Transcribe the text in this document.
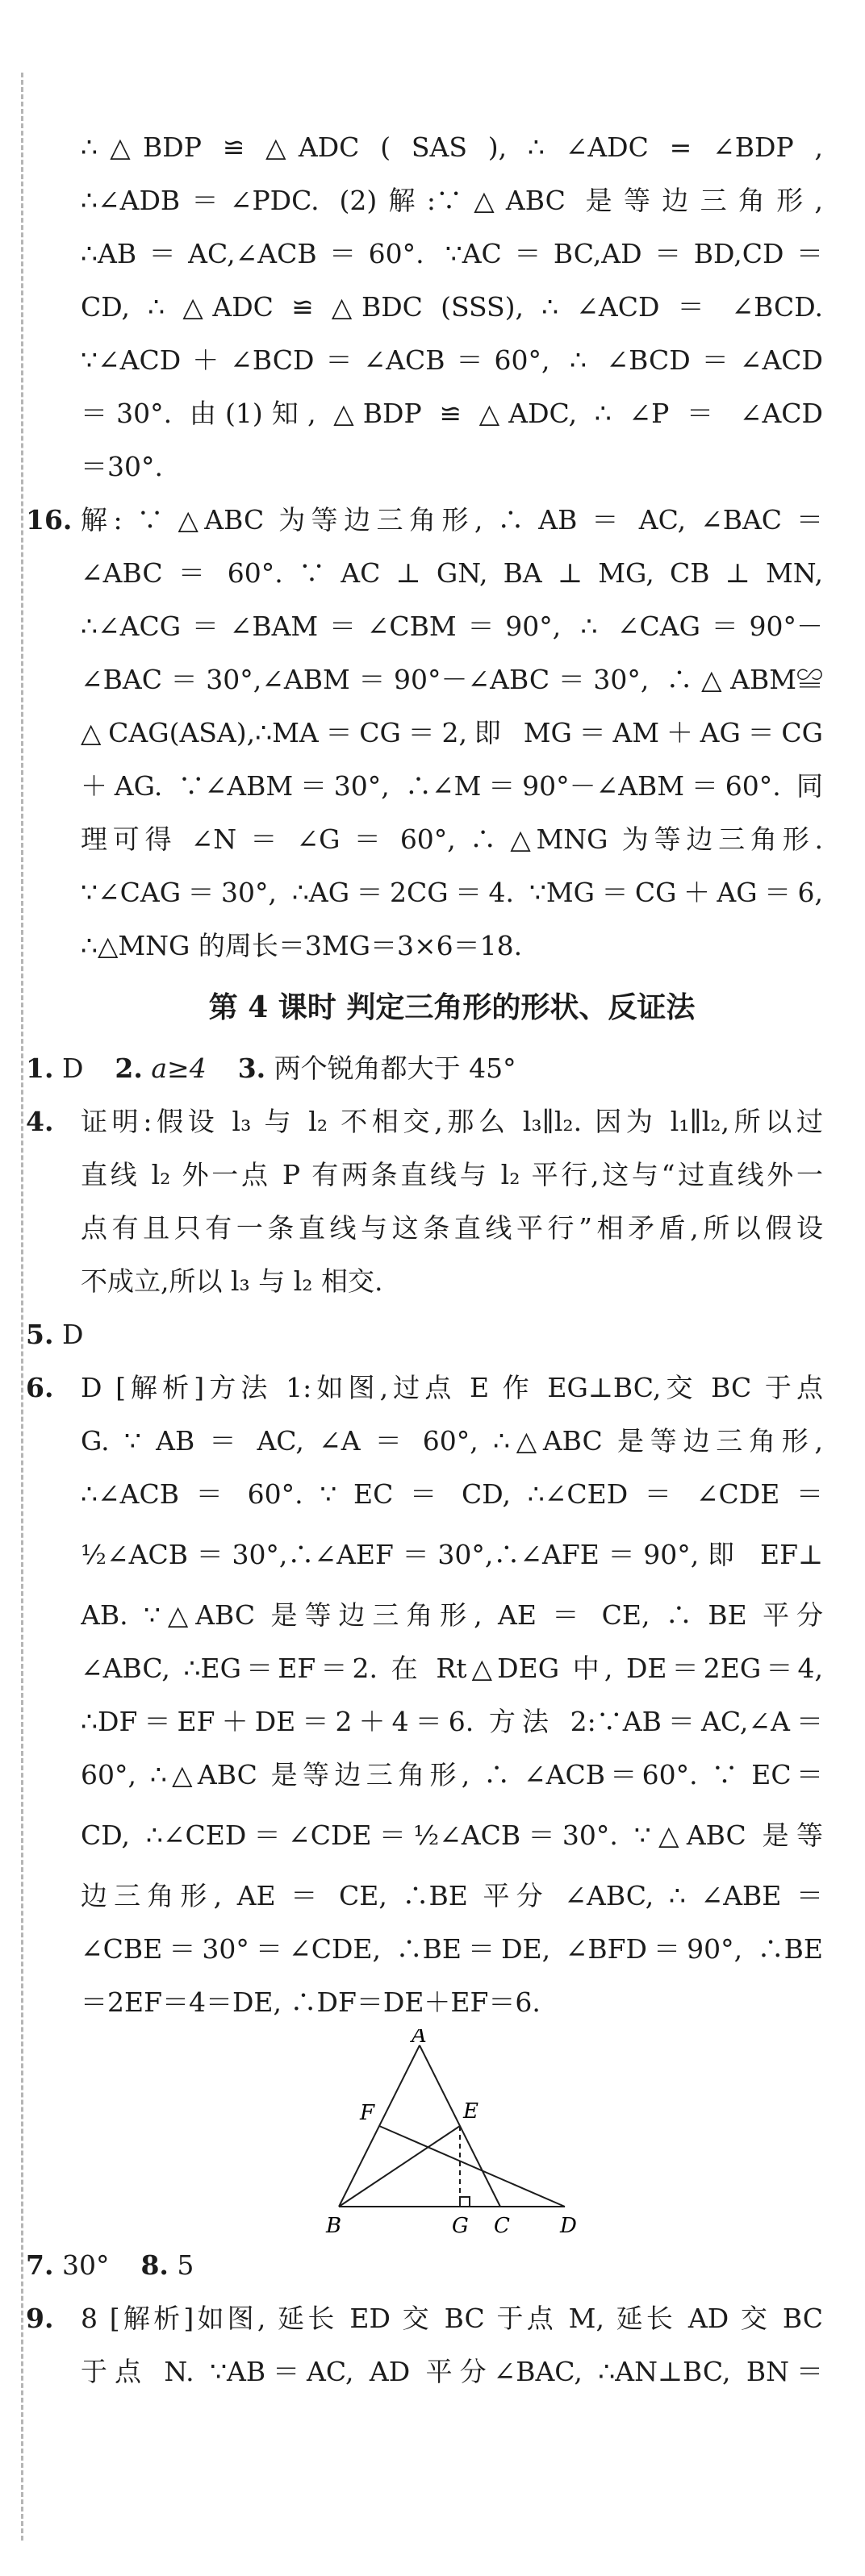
∴△BDP ≌ △ADC ( SAS ), ∴ ∠ADC = ∠BDP ,
∴∠ADB＝∠PDC. (2)解:∵△ABC 是等边三角形,
∴AB＝AC,∠ACB＝60°. ∵AC＝BC,AD＝BD,CD＝
CD, ∴ △ADC ≌ △BDC (SSS), ∴ ∠ACD ＝ ∠BCD.
∵∠ACD＋∠BCD＝∠ACB＝60°, ∴ ∠BCD＝∠ACD
＝30°. 由(1)知, △BDP ≌ △ADC, ∴ ∠P ＝ ∠ACD
＝30°.
16. 解: ∵ △ABC 为等边三角形, ∴ AB ＝ AC, ∠BAC ＝
∠ABC ＝ 60°. ∵ AC ⊥ GN, BA ⊥ MG, CB ⊥ MN,
∴∠ACG＝∠BAM＝∠CBM＝90°, ∴ ∠CAG＝90°－
∠BAC＝30°,∠ABM＝90°－∠ABC＝30°, ∴△ABM≌
△CAG(ASA),∴MA＝CG＝2,即 MG＝AM＋AG＝CG
＋AG. ∵∠ABM＝30°, ∴∠M＝90°－∠ABM＝60°. 同
理可得 ∠N ＝ ∠G ＝ 60°, ∴ △MNG 为等边三角形.
∵∠CAG＝30°, ∴AG＝2CG＝4. ∵MG＝CG＋AG＝6,
∴△MNG 的周长＝3MG＝3×6＝18.
第 4 课时 判定三角形的形状、反证法
1. D 2. a≥4 3. 两个锐角都大于 45°
4.	证明:假设 l₃ 与 l₂ 不相交,那么 l₃∥l₂. 因为 l₁∥l₂,所以过
直线 l₂ 外一点 P 有两条直线与 l₂ 平行,这与“过直线外一
点有且只有一条直线与这条直线平行”相矛盾,所以假设
不成立,所以 l₃ 与 l₂ 相交.
5. D
6.	D [解析]方法 1:如图,过点 E 作 EG⊥BC,交 BC 于点
G. ∵ AB ＝ AC, ∠A ＝ 60°, ∴△ABC 是等边三角形,
∴∠ACB ＝ 60°. ∵ EC ＝ CD, ∴∠CED ＝ ∠CDE ＝
½∠ACB＝30°,∴∠AEF＝30°,∴∠AFE＝90°,即 EF⊥
AB. ∵△ABC 是等边三角形, AE ＝ CE, ∴ BE 平分
∠ABC, ∴EG＝EF＝2. 在 Rt△DEG 中, DE＝2EG＝4,
∴DF＝EF＋DE＝2＋4＝6. 方法 2:∵AB＝AC,∠A＝
60°, ∴△ABC 是等边三角形, ∴ ∠ACB＝60°. ∵ EC＝
CD, ∴∠CED＝∠CDE＝½∠ACB＝30°. ∵△ABC 是等
边三角形, AE ＝ CE, ∴BE 平分 ∠ABC, ∴ ∠ABE ＝
∠CBE＝30°＝∠CDE, ∴BE＝DE, ∠BFD＝90°, ∴BE
＝2EF＝4＝DE, ∴DF＝DE＋EF＝6.
A
F	E
B	G C D
7. 30° 8. 5
9.	8 [解析]如图, 延长 ED 交 BC 于点 M, 延长 AD 交 BC
于点 N. ∵AB＝AC, AD 平分∠BAC, ∴AN⊥BC, BN＝
